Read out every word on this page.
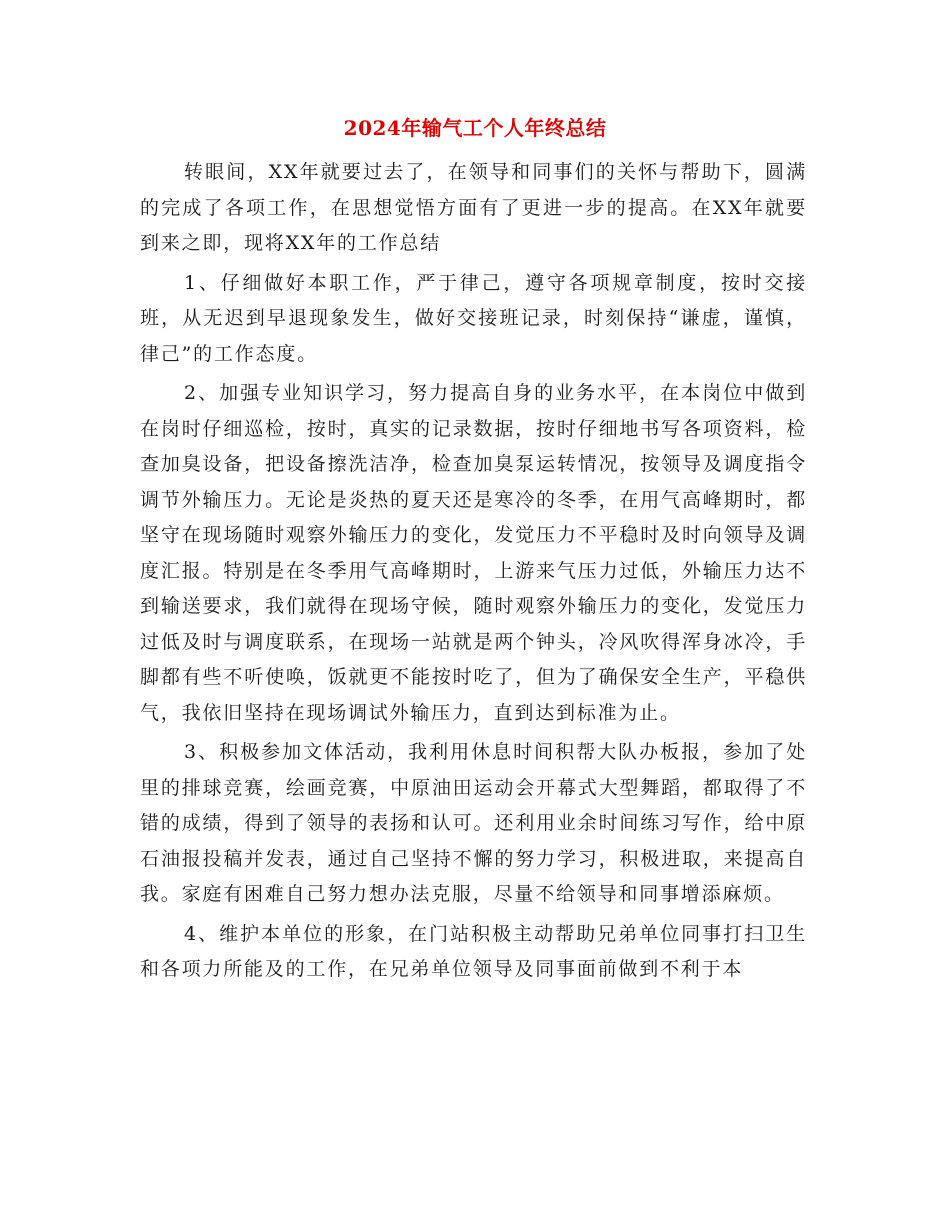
2024年输气工个人年终总结

转眼间，XX年就要过去了，在领导和同事们的关怀与帮助下，圆满的完成了各项工作，在思想觉悟方面有了更进一步的提高。在XX年就要到来之即，现将XX年的工作总结

1、仔细做好本职工作，严于律己，遵守各项规章制度，按时交接班，从无迟到早退现象发生，做好交接班记录，时刻保持“谦虚，谨慎，律己”的工作态度。

2、加强专业知识学习，努力提高自身的业务水平，在本岗位中做到在岗时仔细巡检，按时，真实的记录数据，按时仔细地书写各项资料，检查加臭设备，把设备擦洗洁净，检查加臭泵运转情况，按领导及调度指令调节外输压力。无论是炎热的夏天还是寒冷的冬季，在用气高峰期时，都坚守在现场随时观察外输压力的变化，发觉压力不平稳时及时向领导及调度汇报。特别是在冬季用气高峰期时，上游来气压力过低，外输压力达不到输送要求，我们就得在现场守候，随时观察外输压力的变化，发觉压力过低及时与调度联系，在现场一站就是两个钟头，冷风吹得浑身冰冷，手脚都有些不听使唤，饭就更不能按时吃了，但为了确保安全生产，平稳供气，我依旧坚持在现场调试外输压力，直到达到标准为止。

3、积极参加文体活动，我利用休息时间积帮大队办板报，参加了处里的排球竞赛，绘画竞赛，中原油田运动会开幕式大型舞蹈，都取得了不错的成绩，得到了领导的表扬和认可。还利用业余时间练习写作，给中原石油报投稿并发表，通过自己坚持不懈的努力学习，积极进取，来提高自我。家庭有困难自己努力想办法克服，尽量不给领导和同事增添麻烦。

4、维护本单位的形象，在门站积极主动帮助兄弟单位同事打扫卫生和各项力所能及的工作，在兄弟单位领导及同事面前做到不利于本
